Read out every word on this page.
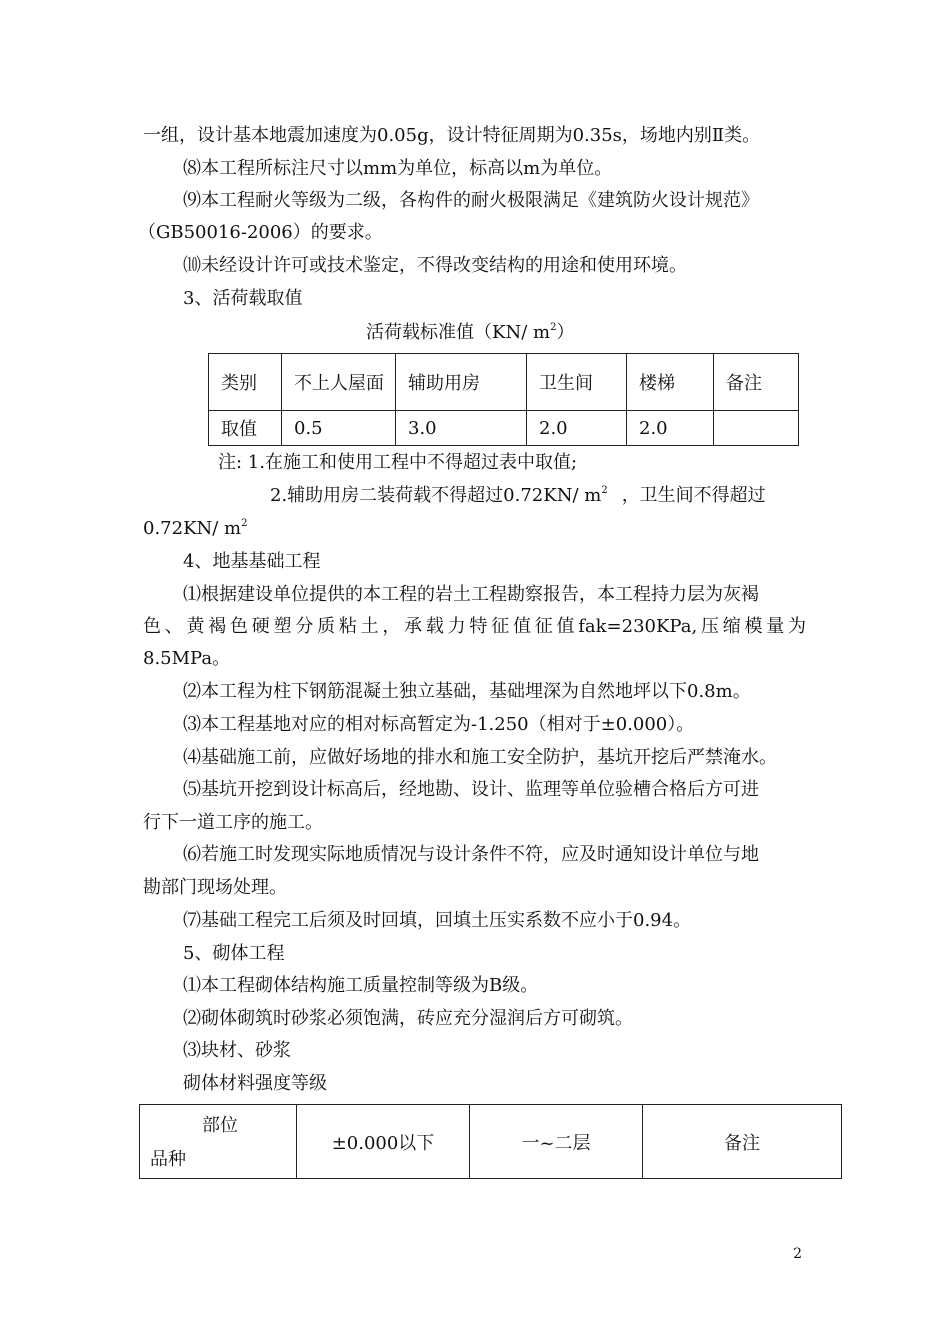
一组，设计基本地震加速度为0.05g，设计特征周期为0.35s，场地内别Ⅱ类。
⑻本工程所标注尺寸以mm为单位，标高以m为单位。
⑼本工程耐火等级为二级，各构件的耐火极限满足《建筑防火设计规范》
（GB50016-2006）的要求。
⑽未经设计许可或技术鉴定，不得改变结构的用途和使用环境。
3、活荷载取值
活荷载标准值（KN/ $m^2$）
类别	不上人屋面	辅助用房	卫生间	楼梯	备注
取值	0.5	3.0	2.0	2.0	
注: 1.在施工和使用工程中不得超过表中取值;
2.辅助用房二装荷载不得超过0.72KN/ $m^2$ ，卫生间不得超过
0.72KN/ $m^2$
4、地基基础工程
⑴根据建设单位提供的本工程的岩土工程勘察报告，本工程持力层为灰褐
色、黄褐色硬塑分质粘土，承载力特征值征值fak=230KPa,压缩模量为
8.5MPa。
⑵本工程为柱下钢筋混凝土独立基础，基础埋深为自然地坪以下0.8m。
⑶本工程基地对应的相对标高暂定为-1.250（相对于±0.000）。
⑷基础施工前，应做好场地的排水和施工安全防护，基坑开挖后严禁淹水。
⑸基坑开挖到设计标高后，经地勘、设计、监理等单位验槽合格后方可进
行下一道工序的施工。
⑹若施工时发现实际地质情况与设计条件不符，应及时通知设计单位与地
勘部门现场处理。
⑺基础工程完工后须及时回填，回填土压实系数不应小于0.94。
5、砌体工程
⑴本工程砌体结构施工质量控制等级为B级。
⑵砌体砌筑时砂浆必须饱满，砖应充分湿润后方可砌筑。
⑶块材、砂浆
砌体材料强度等级
部位
品种
	±0.000以下	一~二层	备注
2
